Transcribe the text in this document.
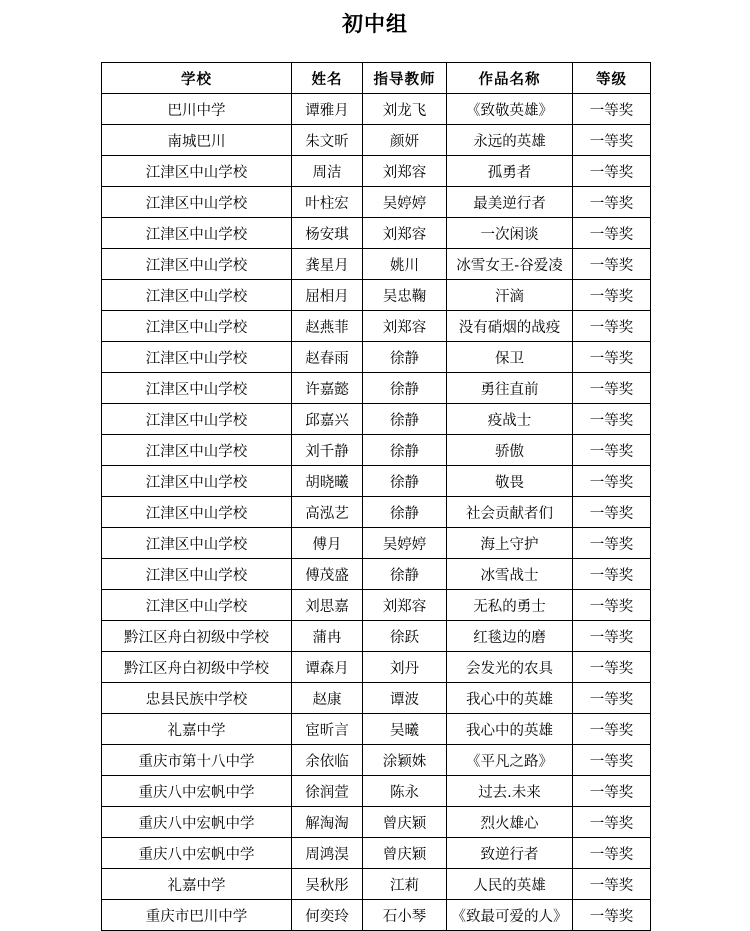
初中组
学校	姓名	指导教师	作品名称	等级
巴川中学	谭雅月	刘龙飞	《致敬英雄》	一等奖
南城巴川	朱文昕	颜妍	永远的英雄	一等奖
江津区中山学校	周洁	刘郑容	孤勇者	一等奖
江津区中山学校	叶柱宏	吴婷婷	最美逆行者	一等奖
江津区中山学校	杨安琪	刘郑容	一次闲谈	一等奖
江津区中山学校	龚星月	姚川	冰雪女王-谷爱凌	一等奖
江津区中山学校	屈相月	吴忠鞠	汗滴	一等奖
江津区中山学校	赵燕菲	刘郑容	没有硝烟的战疫	一等奖
江津区中山学校	赵春雨	徐静	保卫	一等奖
江津区中山学校	许嘉懿	徐静	勇往直前	一等奖
江津区中山学校	邱嘉兴	徐静	疫战士	一等奖
江津区中山学校	刘千静	徐静	骄傲	一等奖
江津区中山学校	胡晓曦	徐静	敬畏	一等奖
江津区中山学校	高泓艺	徐静	社会贡献者们	一等奖
江津区中山学校	傅月	吴婷婷	海上守护	一等奖
江津区中山学校	傅茂盛	徐静	冰雪战士	一等奖
江津区中山学校	刘思嘉	刘郑容	无私的勇士	一等奖
黔江区舟白初级中学校	蒲冉	徐跃	红毯边的磨	一等奖
黔江区舟白初级中学校	谭森月	刘丹	会发光的农具	一等奖
忠县民族中学校	赵康	谭波	我心中的英雄	一等奖
礼嘉中学	宦昕言	吴曦	我心中的英雄	一等奖
重庆市第十八中学	余依临	涂颖姝	《平凡之路》	一等奖
重庆八中宏帆中学	徐润萱	陈永	过去.未来	一等奖
重庆八中宏帆中学	解淘淘	曾庆颖	烈火雄心	一等奖
重庆八中宏帆中学	周鸿淏	曾庆颖	致逆行者	一等奖
礼嘉中学	吴秋彤	江莉	人民的英雄	一等奖
重庆市巴川中学	何奕玲	石小琴	《致最可爱的人》	一等奖
